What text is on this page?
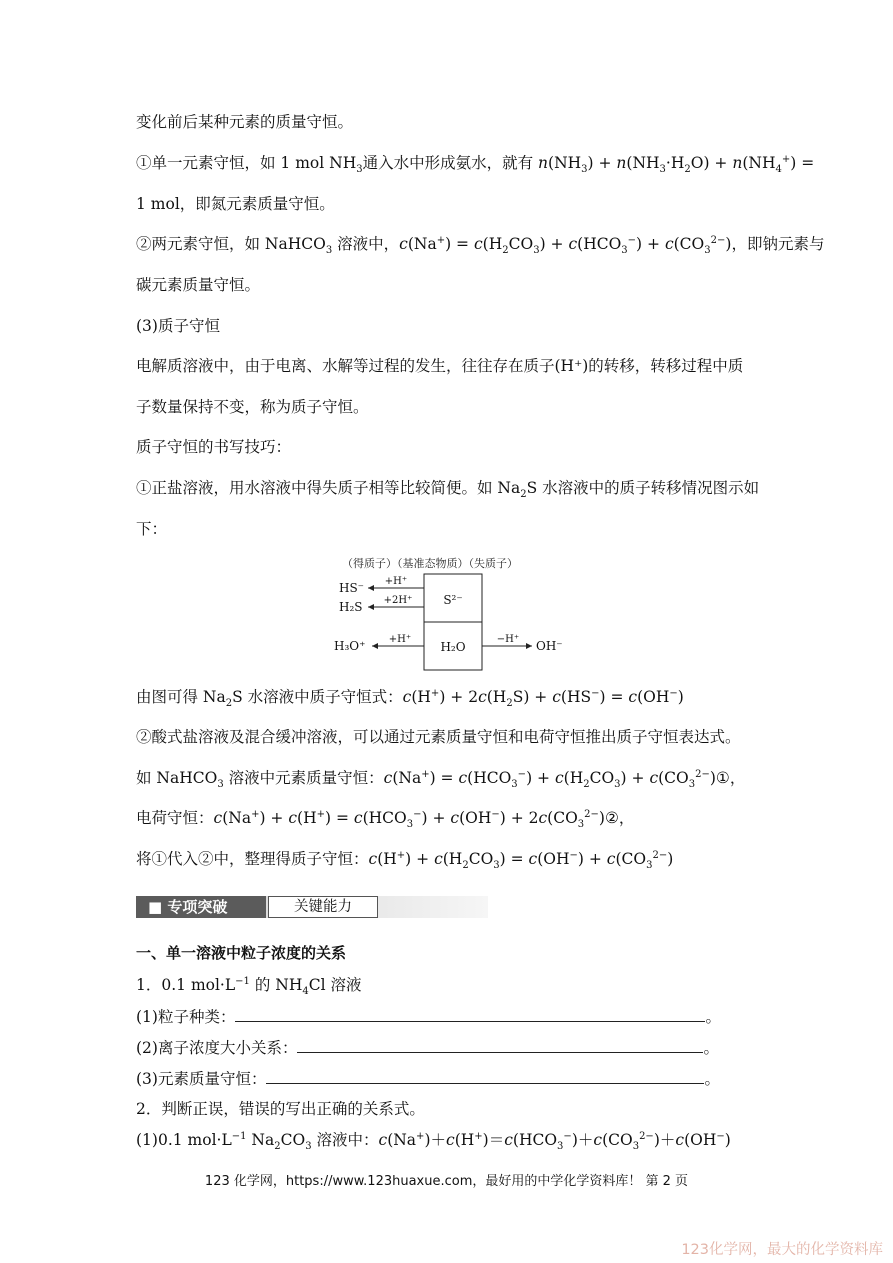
变化前后某种元素的质量守恒。
①单一元素守恒，如 1 mol $NH_3$通入水中形成氨水，就有 $n(NH_3) + n(NH_3\cdot H_2O) + n(NH_4^+)$ =
1 mol，即氮元素质量守恒。
②两元素守恒，如 NaHCO$_3$ 溶液中，$c(Na^+) = c(H_2CO_3) + c(HCO_3^-) + c(CO_3^{2-})$，即钠元素与
碳元素质量守恒。
(3)质子守恒
电解质溶液中，由于电离、水解等过程的发生，往往存在质子(H⁺)的转移，转移过程中质
子数量保持不变，称为质子守恒。
质子守恒的书写技巧：
①正盐溶液，用水溶液中得失质子相等比较简便。如 $Na_2S$ 水溶液中的质子转移情况图示如
下：
（得质子）（基准态物质）（失质子）
S²⁻
H₂O
+H⁺
HS⁻
+2H⁺
H₂S
+H⁺
H₃O⁺	−H⁺ OH⁻
由图可得 $Na_2S$ 水溶液中质子守恒式：$c(H^+) + 2c(H_2S) + c(HS^-) = c(OH^-)$
②酸式盐溶液及混合缓冲溶液，可以通过元素质量守恒和电荷守恒推出质子守恒表达式。
如 NaHCO$_3$ 溶液中元素质量守恒：$c(Na^+) = c(HCO_3^-) + c(H_2CO_3)$ + $c(CO_3^{2-})①$，
电荷守恒：$c(Na^+) + c(H^+) = c(HCO_3^-) + c(OH^-)$ + $2c(CO_3^{2-})②$，
将①代入②中，整理得质子守恒：$c(H^+) + c(H_2CO_3) = c(OH^-) + c(CO_3^{2-})$
■ 专项突破	关键能力
一、单一溶液中粒子浓度的关系
1．0.1 $mol\cdot L^{-1}$ 的 $NH_4Cl$ 溶液
(1)粒子种类：	。
(2)离子浓度大小关系：	。
(3)元素质量守恒：	。
2．判断正误，错误的写出正确的关系式。
(1)0.1 $mol\cdot L^{-1}$ $Na_2CO_3$ 溶液中：$c(Na^+)+c(H^+)=c(HCO_3^-)+c(CO_3^{2-})+c(OH^-)$
123 化学网，https://www.123huaxue.com，最好用的中学化学资料库！ 第 2 页
123化学网，最大的化学资料库
